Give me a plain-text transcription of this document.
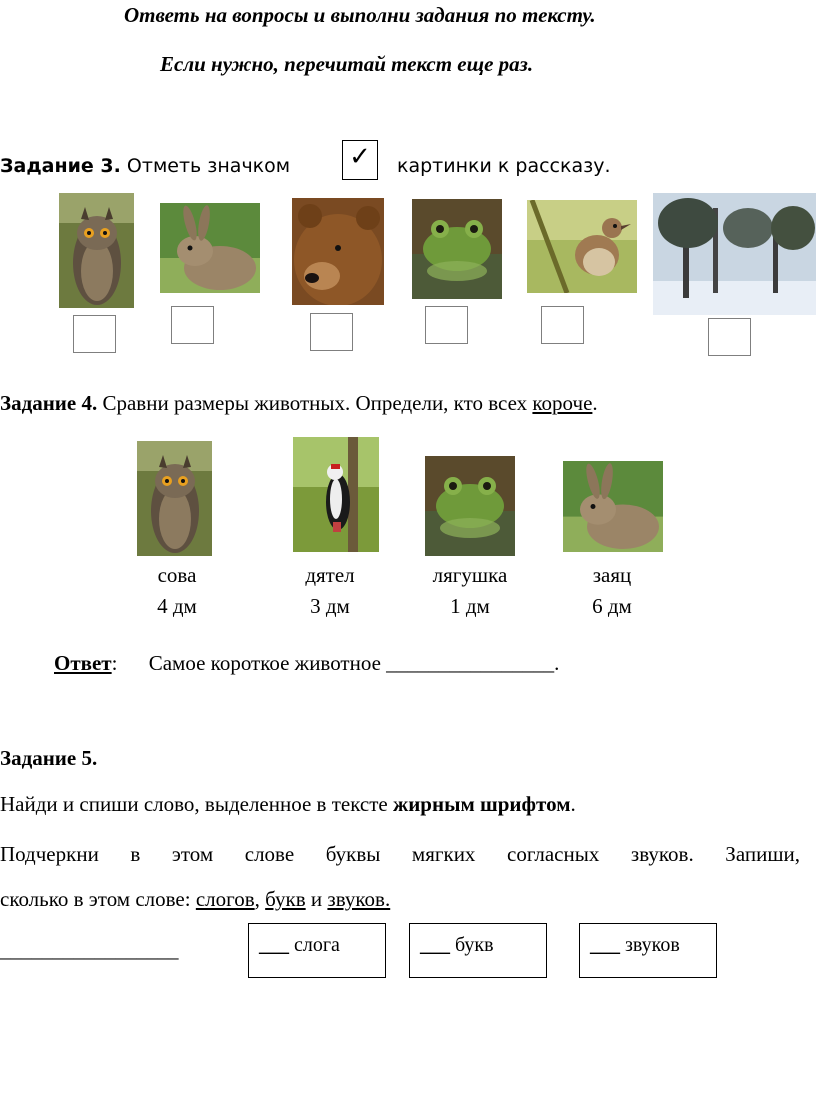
Ответь на вопросы и выполни задания по тексту.
Если нужно, перечитай текст еще раз.
Задание 3. Отметь значком ✓	картинки к рассказу.
Задание 4. Сравни размеры животных. Определи, кто всех короче.
сова
4 дм
дятел
3 дм
лягушка
1 дм
заяц
6 дм
Ответ: Самое короткое животное ________________.
Задание 5.
Найди и спиши слово, выделенное в тексте жирным шрифтом.
Подчеркни в этом слове буквы мягких согласных звуков. Запиши,
сколько в этом слове: слогов, букв и звуков.
_________________	___ слога	___ букв	___ звуков
